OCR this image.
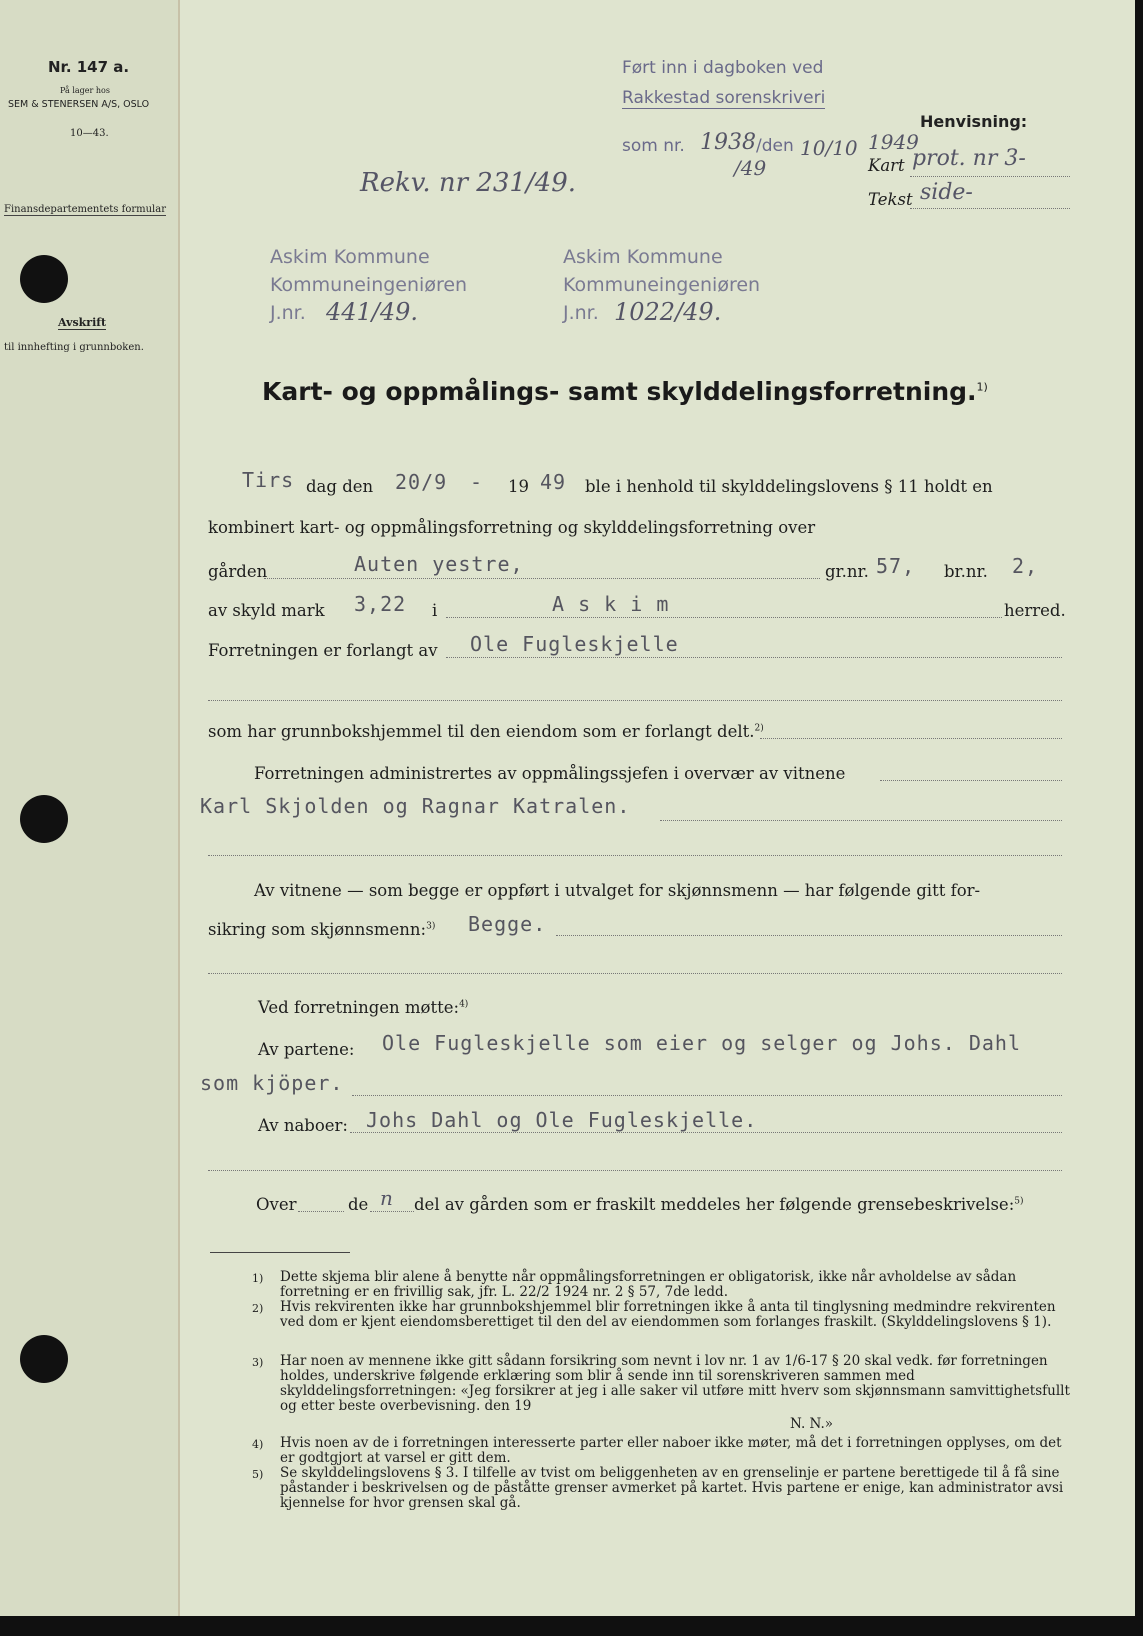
Nr. 147 a.
På lager hos
SEM & STENERSEN A/S, OSLO
10—43.
Finansdepartementets formular
Avskrift
til innhefting i grunnboken.
Ført inn i dagboken ved
Rakkestad sorenskriveri
som nr. 1938 /den 10/10 1949
/49
Henvisning:
Kart prot. nr 3-
Tekst side-
Rekv. nr 231/49.
Askim Kommune
Kommuneingeniøren
J.nr. 441/49.
Askim Kommune
Kommuneingeniøren
J.nr. 1022/49.
Kart- og oppmålings- samt skylddelingsforretning.$^{1)}$
Tirs dag den 20/9 - 19 49 ble i henhold til skylddelingslovens § 11 holdt en
kombinert kart- og oppmålingsforretning og skylddelingsforretning over
gården	Auten yestre,	gr.nr. 57, br.nr. 2,
av skyld mark 3,22 i	A s k i m	herred.
Forretningen er forlangt av Ole Fugleskjelle
som har grunnbokshjemmel til den eiendom som er forlangt delt.$^{2)}$
Forretningen administrertes av oppmålingssjefen i overvær av vitnene
Karl Skjolden og Ragnar Katralen.
Av vitnene — som begge er oppført i utvalget for skjønnsmenn — har følgende gitt for-
sikring som skjønnsmenn:$^{3)}$ Begge.
Ved forretningen møtte:$^{4)}$
Av partene: Ole Fugleskjelle som eier og selger og Johs. Dahl
som kjöper.
Av naboer: Johs Dahl og Ole Fugleskjelle.
Over	de n del av gården som er fraskilt meddeles her følgende grensebeskrivelse:$^{5)}$
1) Dette skjema blir alene å benytte når oppmålingsforretningen er obligatorisk, ikke når avholdelse av sådan forretning er en frivillig sak, jfr. L. 22/2 1924 nr. 2 § 57, 7de ledd.
2) Hvis rekvirenten ikke har grunnbokshjemmel blir forretningen ikke å anta til tinglysning medmindre rekvirenten ved dom er kjent eiendomsberettiget til den del av eiendommen som forlanges fraskilt. (Skylddelingslovens § 1).
3) Har noen av mennene ikke gitt sådann forsikring som nevnt i lov nr. 1 av 1/6-17 § 20 skal vedk. før forretningen holdes, underskrive følgende erklæring som blir å sende inn til sorenskriveren sammen med skylddelingsforretningen: «Jeg forsikrer at jeg i alle saker vil utføre mitt hverv som skjønnsmann samvittighetsfullt og etter beste overbevisning. den 19
N. N.»
4) Hvis noen av de i forretningen interesserte parter eller naboer ikke møter, må det i forretningen opplyses, om det er godtgjort at varsel er gitt dem.
5) Se skylddelingslovens § 3. I tilfelle av tvist om beliggenheten av en grenselinje er partene berettigede til å få sine påstander i beskrivelsen og de påståtte grenser avmerket på kartet. Hvis partene er enige, kan administrator avsi kjennelse for hvor grensen skal gå.
